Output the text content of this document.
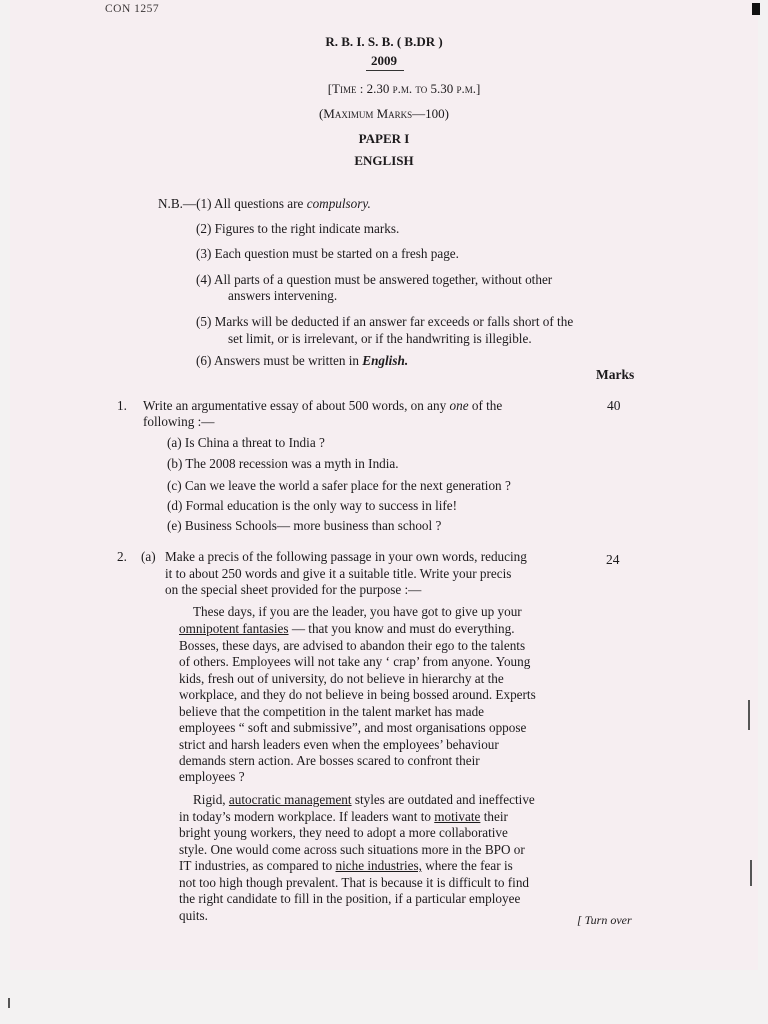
CON 1257
R. B. I. S. B. ( B.DR )
2009
[Time : 2.30 p.m. to 5.30 p.m.]
(Maximum Marks—100)
PAPER I
ENGLISH
N.B.—(1) All questions are compulsory.
(2) Figures to the right indicate marks.
(3) Each question must be started on a fresh page.
(4) All parts of a question must be answered together, without other
answers intervening.
(5) Marks will be deducted if an answer far exceeds or falls short of the
set limit, or is irrelevant, or if the handwriting is illegible.
(6) Answers must be written in English.
Marks
1. Write an argumentative essay of about 500 words, on any one of the
following :—
40
(a) Is China a threat to India ?
(b) The 2008 recession was a myth in India.
(c) Can we leave the world a safer place for the next generation ?
(d) Formal education is the only way to success in life!
(e) Business Schools— more business than school ?
2. (a)	24
Make a precis of the following passage in your own words, reducing
it to about 250 words and give it a suitable title. Write your precis
on the special sheet provided for the purpose :—
These days, if you are the leader, you have got to give up your
omnipotent fantasies — that you know and must do everything.
Bosses, these days, are advised to abandon their ego to the talents
of others. Employees will not take any ‘ crap’ from anyone. Young
kids, fresh out of university, do not believe in hierarchy at the
workplace, and they do not believe in being bossed around. Experts
believe that the competition in the talent market has made
employees “ soft and submissive”, and most organisations oppose
strict and harsh leaders even when the employees’ behaviour
demands stern action. Are bosses scared to confront their
employees ?
Rigid, autocratic management styles are outdated and ineffective
in today’s modern workplace. If leaders want to motivate their
bright young workers, they need to adopt a more collaborative
style. One would come across such situations more in the BPO or
IT industries, as compared to niche industries, where the fear is
not too high though prevalent. That is because it is difficult to find
the right candidate to fill in the position, if a particular employee
quits.	[ Turn over
